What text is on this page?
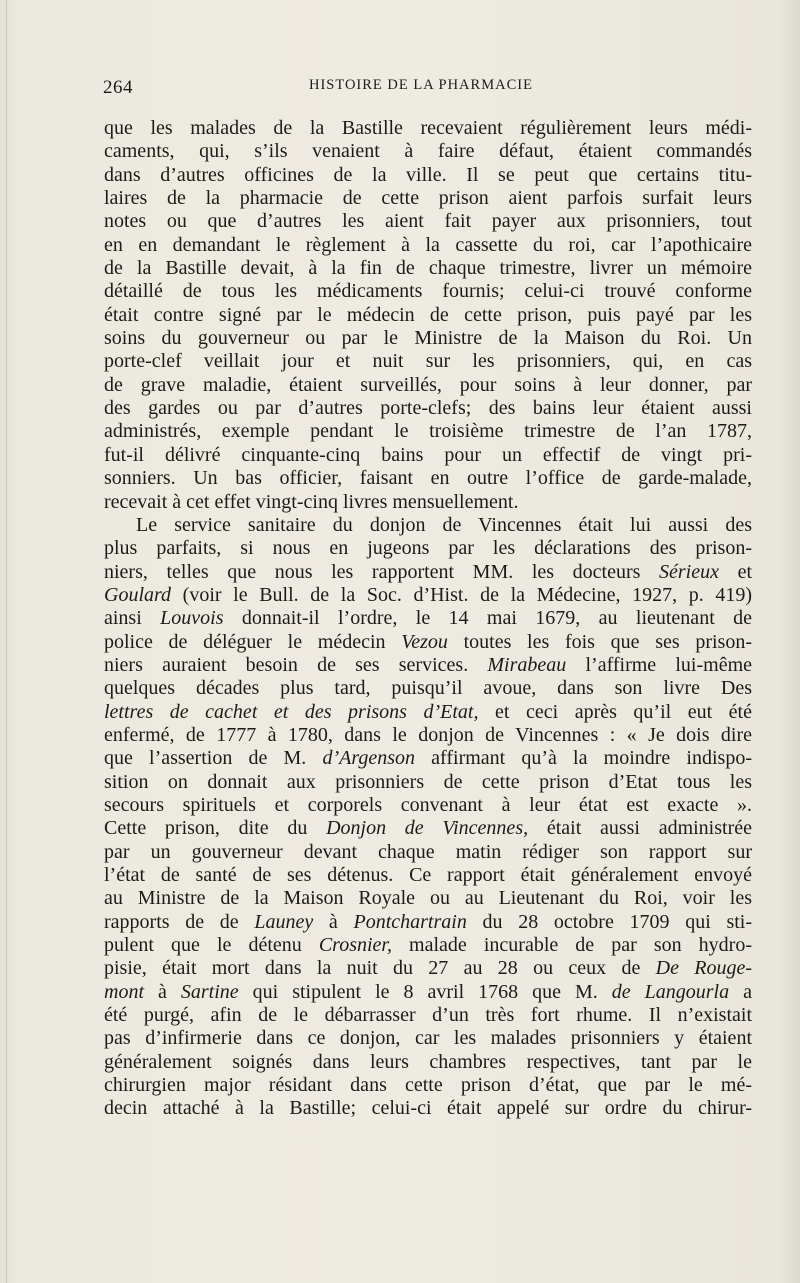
264	HISTOIRE DE LA PHARMACIE
que les malades de la Bastille recevaient régulièrement leurs médi-
caments, qui, s’ils venaient à faire défaut, étaient commandés
dans d’autres officines de la ville. Il se peut que certains titu-
laires de la pharmacie de cette prison aient parfois surfait leurs
notes ou que d’autres les aient fait payer aux prisonniers, tout
en en demandant le règlement à la cassette du roi, car l’apothicaire
de la Bastille devait, à la fin de chaque trimestre, livrer un mémoire
détaillé de tous les médicaments fournis; celui-ci trouvé conforme
était contre signé par le médecin de cette prison, puis payé par les
soins du gouverneur ou par le Ministre de la Maison du Roi. Un
porte-clef veillait jour et nuit sur les prisonniers, qui, en cas
de grave maladie, étaient surveillés, pour soins à leur donner, par
des gardes ou par d’autres porte-clefs; des bains leur étaient aussi
administrés, exemple pendant le troisième trimestre de l’an 1787,
fut-il délivré cinquante-cinq bains pour un effectif de vingt pri-
sonniers. Un bas officier, faisant en outre l’office de garde-malade,
recevait à cet effet vingt-cinq livres mensuellement.
Le service sanitaire du donjon de Vincennes était lui aussi des
plus parfaits, si nous en jugeons par les déclarations des prison-
niers, telles que nous les rapportent MM. les docteurs Sérieux et
Goulard (voir le Bull. de la Soc. d’Hist. de la Médecine, 1927, p. 419)
ainsi Louvois donnait-il l’ordre, le 14 mai 1679, au lieutenant de
police de déléguer le médecin Vezou toutes les fois que ses prison-
niers auraient besoin de ses services. Mirabeau l’affirme lui-même
quelques décades plus tard, puisqu’il avoue, dans son livre Des
lettres de cachet et des prisons d’Etat, et ceci après qu’il eut été
enfermé, de 1777 à 1780, dans le donjon de Vincennes : « Je dois dire
que l’assertion de M. d’Argenson affirmant qu’à la moindre indispo-
sition on donnait aux prisonniers de cette prison d’Etat tous les
secours spirituels et corporels convenant à leur état est exacte ».
Cette prison, dite du Donjon de Vincennes, était aussi administrée
par un gouverneur devant chaque matin rédiger son rapport sur
l’état de santé de ses détenus. Ce rapport était généralement envoyé
au Ministre de la Maison Royale ou au Lieutenant du Roi, voir les
rapports de de Launey à Pontchartrain du 28 octobre 1709 qui sti-
pulent que le détenu Crosnier, malade incurable de par son hydro-
pisie, était mort dans la nuit du 27 au 28 ou ceux de De Rouge-
mont à Sartine qui stipulent le 8 avril 1768 que M. de Langourla a
été purgé, afin de le débarrasser d’un très fort rhume. Il n’existait
pas d’infirmerie dans ce donjon, car les malades prisonniers y étaient
généralement soignés dans leurs chambres respectives, tant par le
chirurgien major résidant dans cette prison d’état, que par le mé-
decin attaché à la Bastille; celui-ci était appelé sur ordre du chirur-
